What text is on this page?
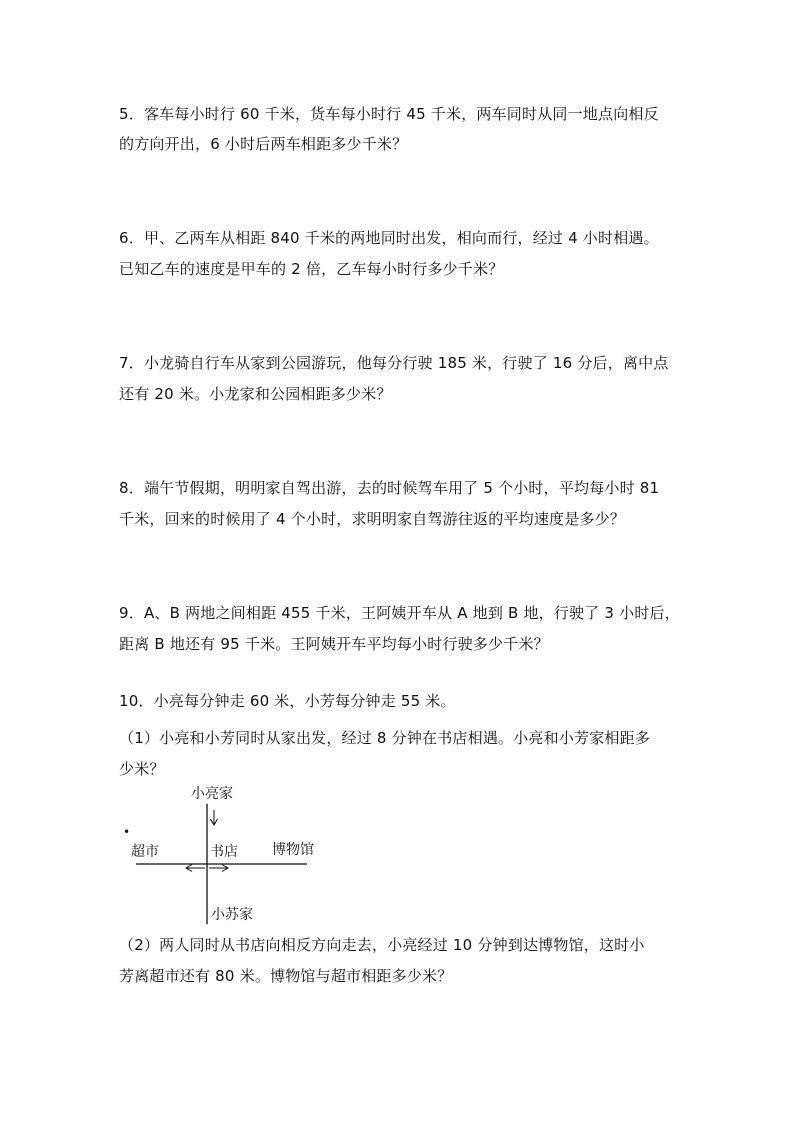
5．客车每小时行 60 千米，货车每小时行 45 千米，两车同时从同一地点向相反
的方向开出，6 小时后两车相距多少千米？
6．甲、乙两车从相距 840 千米的两地同时出发，相向而行，经过 4 小时相遇。
已知乙车的速度是甲车的 2 倍，乙车每小时行多少千米？
7．小龙骑自行车从家到公园游玩，他每分行驶 185 米，行驶了 16 分后，离中点
还有 20 米。小龙家和公园相距多少米？
8．端午节假期，明明家自驾出游，去的时候驾车用了 5 个小时，平均每小时 81
千米，回来的时候用了 4 个小时，求明明家自驾游往返的平均速度是多少？
9．A、B 两地之间相距 455 千米，王阿姨开车从 A 地到 B 地，行驶了 3 小时后，
距离 B 地还有 95 千米。王阿姨开车平均每小时行驶多少千米？
10．小亮每分钟走 60 米，小芳每分钟走 55 米。
（1）小亮和小芳同时从家出发，经过 8 分钟在书店相遇。小亮和小芳家相距多
少米？
小亮家
超市	书店 博物馆
小苏家
•
（2）两人同时从书店向相反方向走去，小亮经过 10 分钟到达博物馆，这时小
芳离超市还有 80 米。博物馆与超市相距多少米？
